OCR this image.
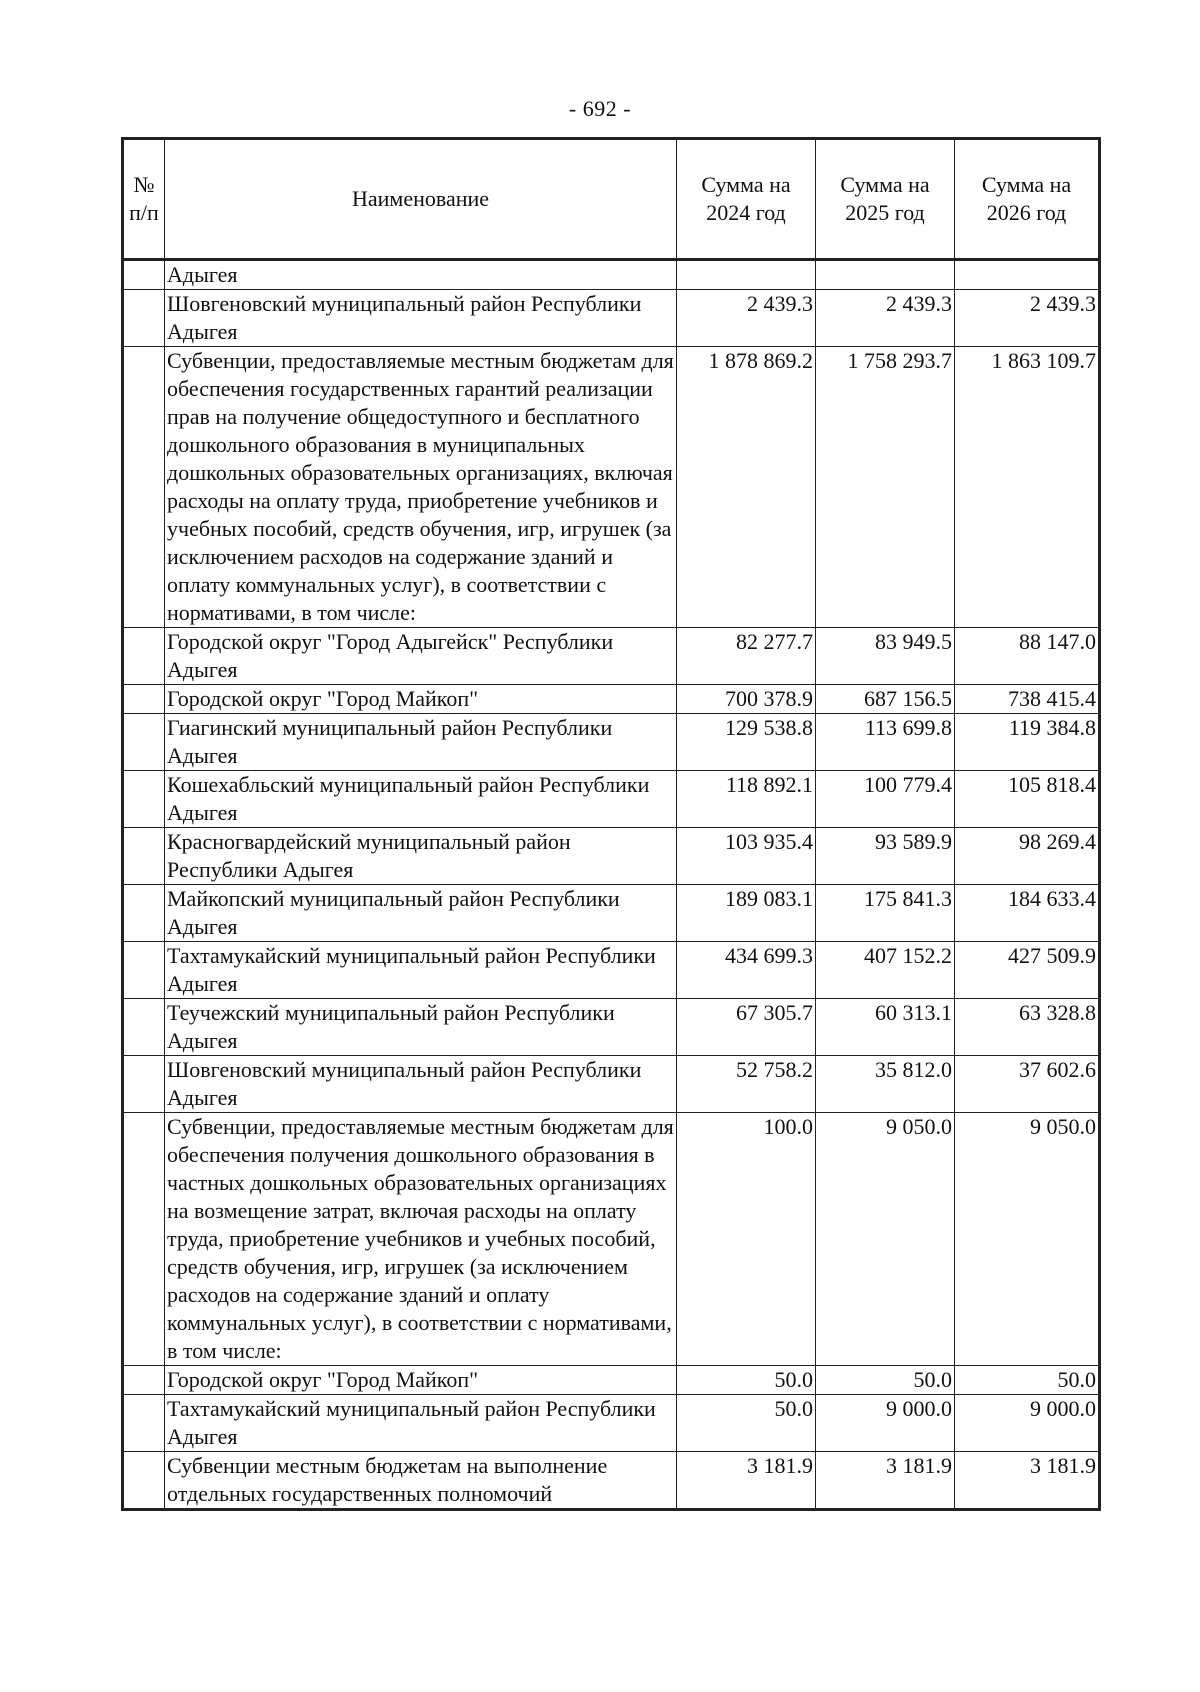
- 692 -
№ п/п	Наименование	Сумма на 2024 год	Сумма на 2025 год	Сумма на 2026 год
	Адыгея			
	Шовгеновский муниципальный район Республики Адыгея	2 439.3	2 439.3	2 439.3
	Субвенции, предоставляемые местным бюджетам для обеспечения государственных гарантий реализации прав на получение общедоступного и бесплатного дошкольного образования в муниципальных дошкольных образовательных организациях, включая расходы на оплату труда, приобретение учебников и учебных пособий, средств обучения, игр, игрушек (за исключением расходов на содержание зданий и оплату коммунальных услуг), в соответствии с нормативами, в том числе:	1 878 869.2	1 758 293.7	1 863 109.7
	Городской округ "Город Адыгейск" Республики Адыгея	82 277.7	83 949.5	88 147.0
	Городской округ "Город Майкоп"	700 378.9	687 156.5	738 415.4
	Гиагинский муниципальный район Республики Адыгея	129 538.8	113 699.8	119 384.8
	Кошехабльский муниципальный район Республики Адыгея	118 892.1	100 779.4	105 818.4
	Красногвардейский муниципальный район Республики Адыгея	103 935.4	93 589.9	98 269.4
	Майкопский муниципальный район Республики Адыгея	189 083.1	175 841.3	184 633.4
	Тахтамукайский муниципальный район Республики Адыгея	434 699.3	407 152.2	427 509.9
	Теучежский муниципальный район Республики Адыгея	67 305.7	60 313.1	63 328.8
	Шовгеновский муниципальный район Республики Адыгея	52 758.2	35 812.0	37 602.6
	Субвенции, предоставляемые местным бюджетам для обеспечения получения дошкольного образования в частных дошкольных образовательных организациях на возмещение затрат, включая расходы на оплату труда, приобретение учебников и учебных пособий, средств обучения, игр, игрушек (за исключением расходов на содержание зданий и оплату коммунальных услуг), в соответствии с нормативами, в том числе:	100.0	9 050.0	9 050.0
	Городской округ "Город Майкоп"	50.0	50.0	50.0
	Тахтамукайский муниципальный район Республики Адыгея	50.0	9 000.0	9 000.0
	Субвенции местным бюджетам на выполнение отдельных государственных полномочий	3 181.9	3 181.9	3 181.9
